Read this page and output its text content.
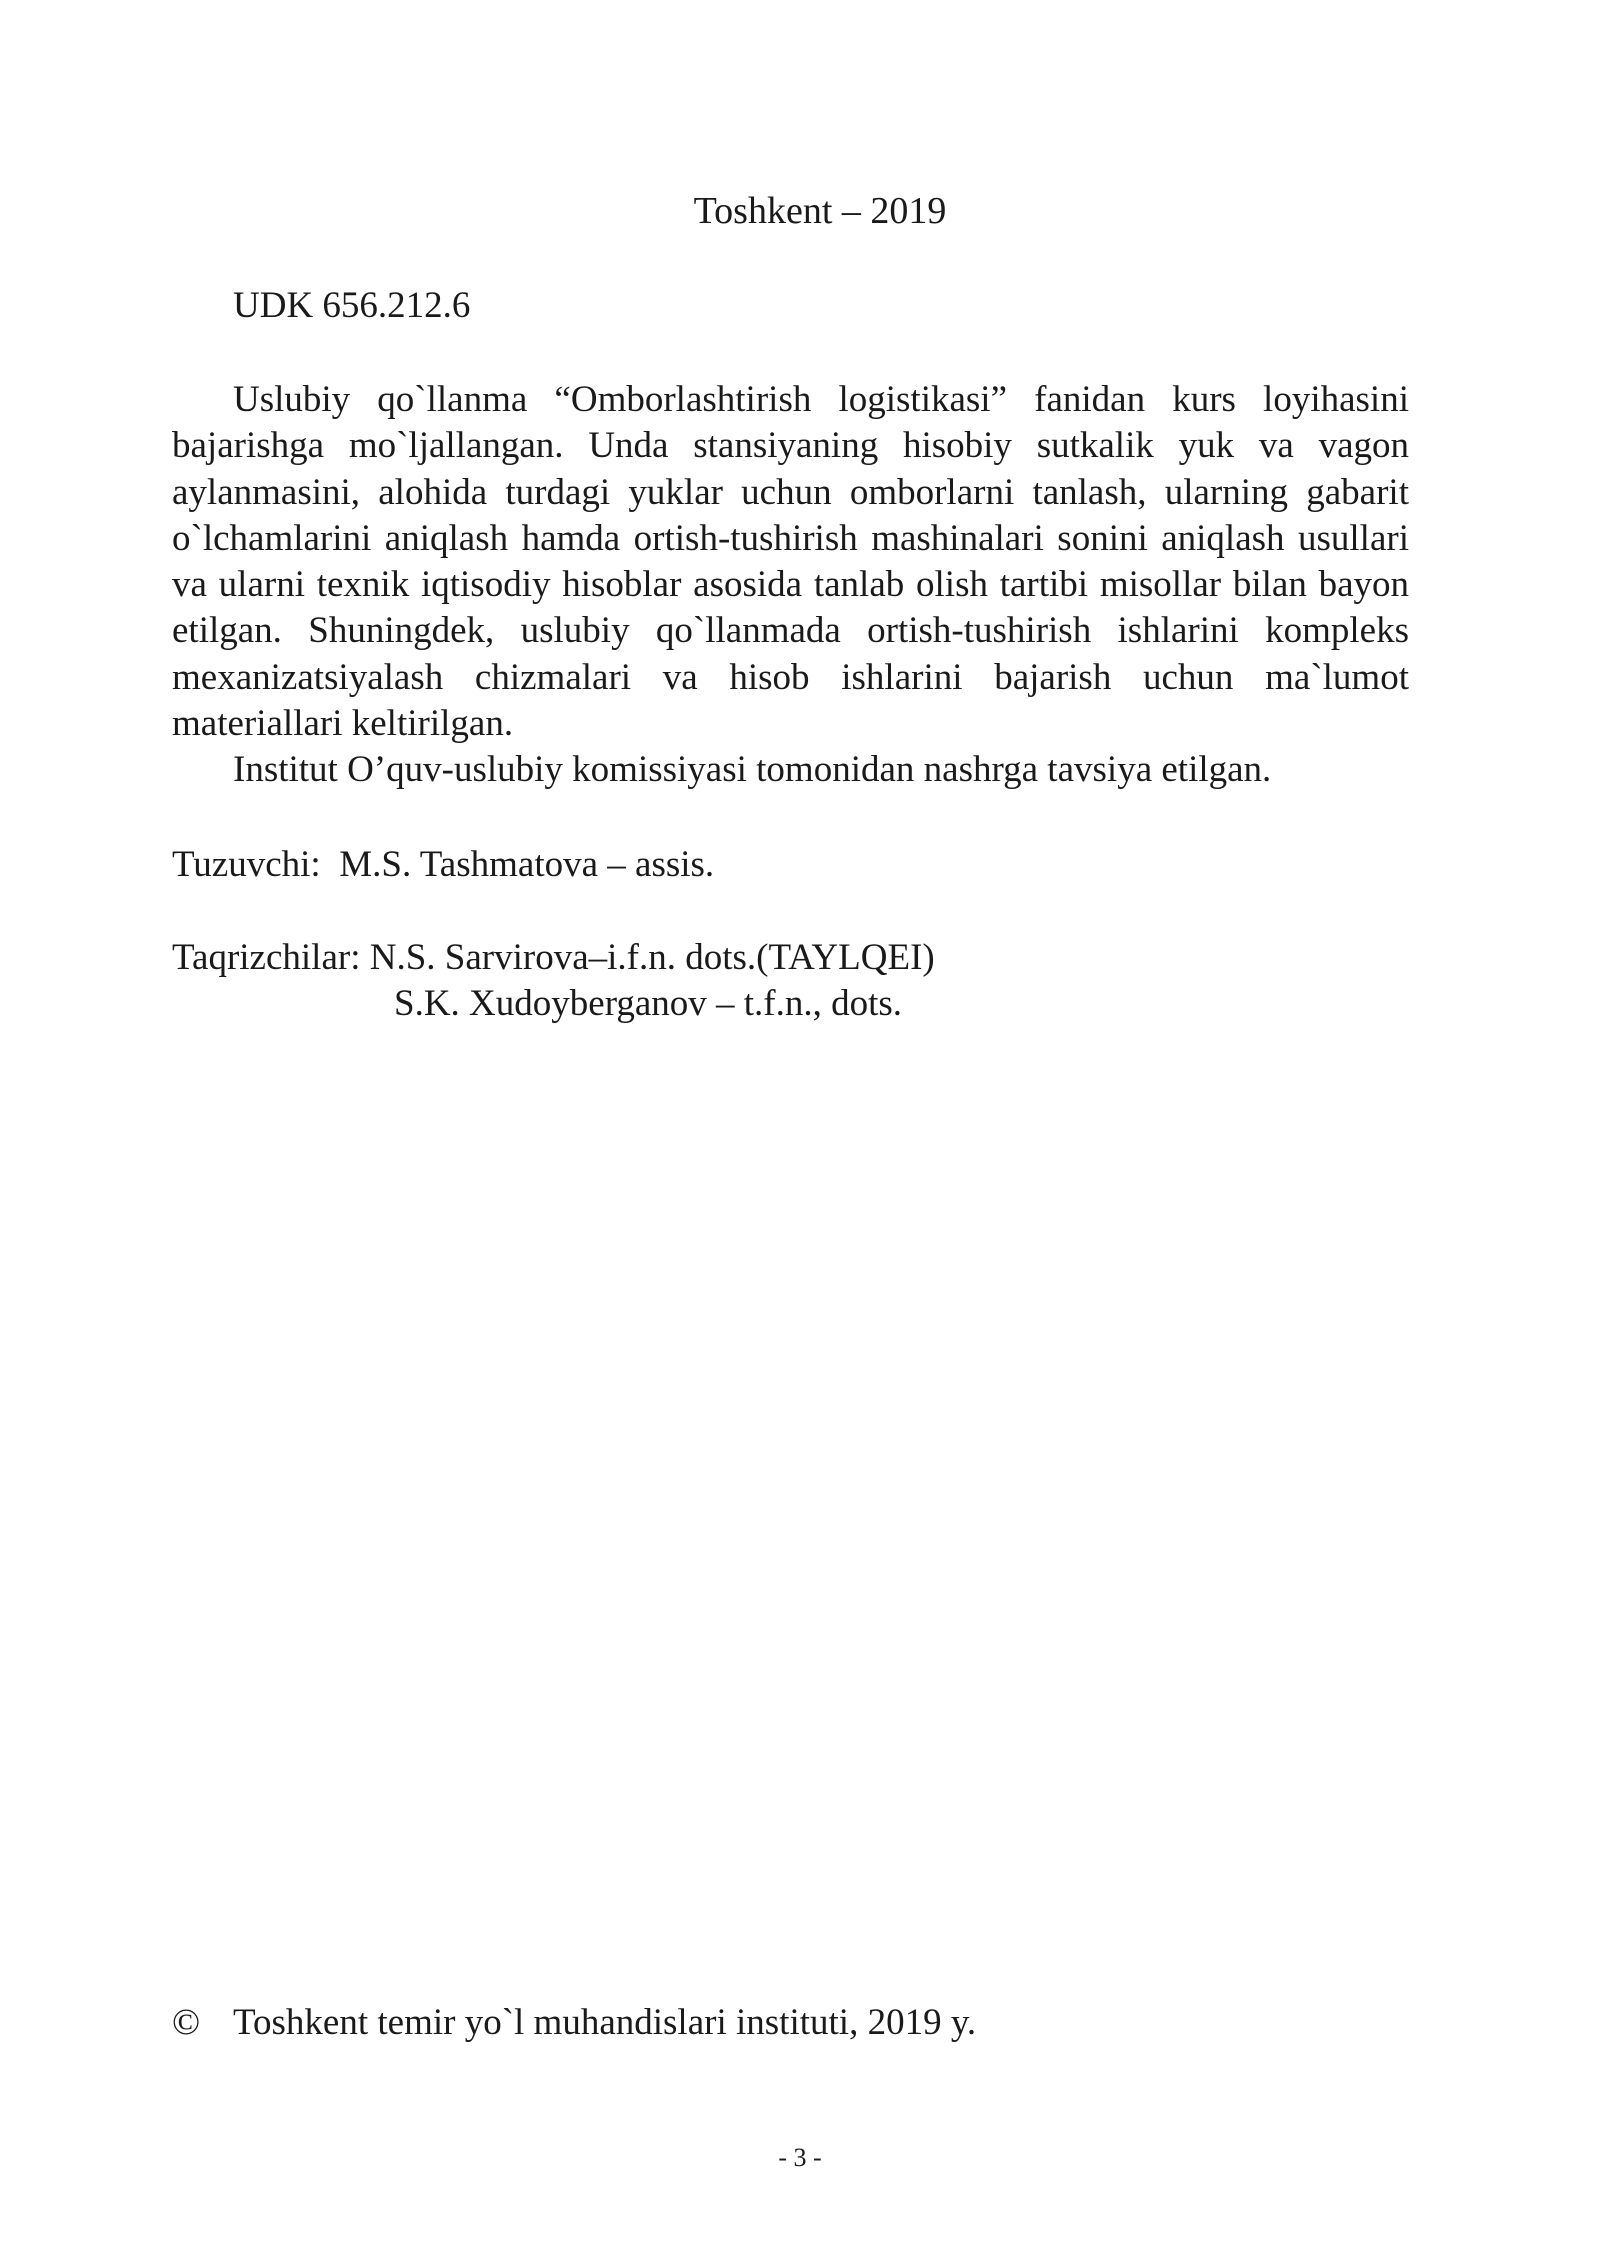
Toshkent – 2019
UDK 656.212.6

Uslubiy qo`llanma “Omborlashtirish logistikasi” fanidan kurs loyihasini bajarishga mo`ljallangan. Unda stansiyaning hisobiy sutkalik yuk va vagon aylanmasini, alohida turdagi yuklar uchun omborlarni tanlash, ularning gabarit o`lchamlarini aniqlash hamda ortish-tushirish mashinalari sonini aniqlash usullari va ularni texnik iqtisodiy hisoblar asosida tanlab olish tartibi misollar bilan bayon etilgan. Shuningdek, uslubiy qo`llanmada ortish-tushirish ishlarini kompleks mexanizatsiyalash chizmalari va hisob ishlarini bajarish uchun ma`lumot materiallari keltirilgan.

Institut O’quv-uslubiy komissiyasi tomonidan nashrga tavsiya etilgan.

Tuzuvchi: M.S. Tashmatova – assis.
Taqrizchilar: N.S. Sarvirova–i.f.n. dots.(TAYLQEI)
S.K. Xudoyberganov – t.f.n., dots.
© Toshkent temir yo`l muhandislari instituti, 2019 y.
- 3 -
